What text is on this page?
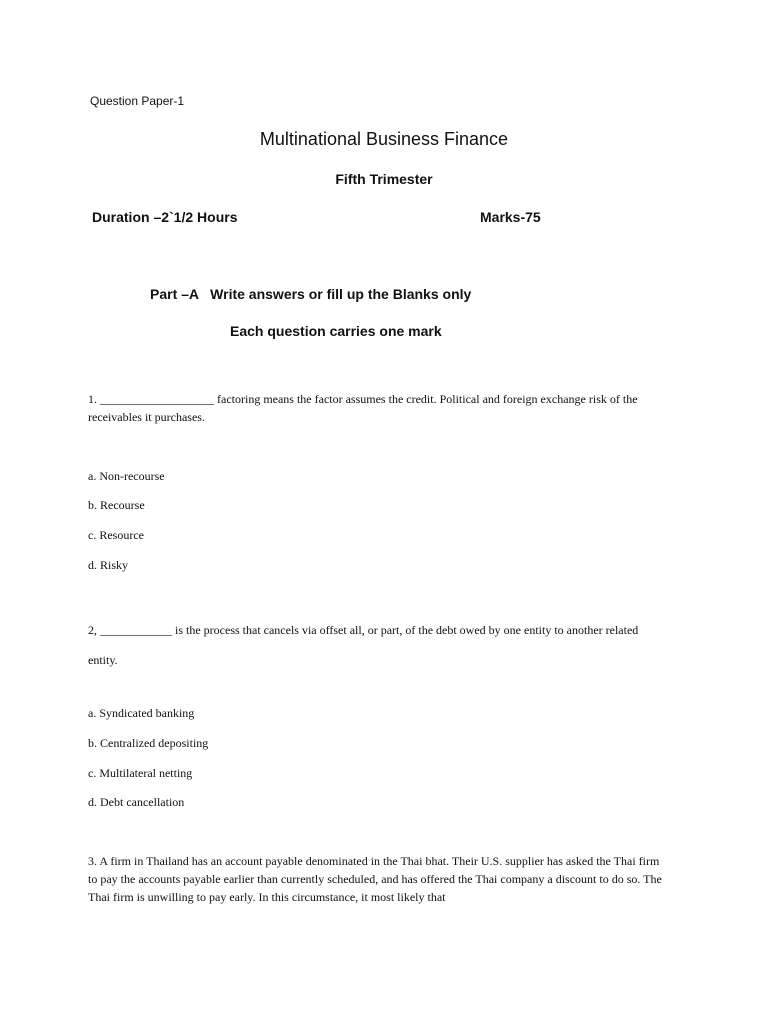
Question Paper-1
Multinational Business Finance
Fifth Trimester
Duration –2`1/2 Hours	Marks-75
Part –A   Write answers or fill up the Blanks only
Each question carries one mark
1. ___________________ factoring means the factor assumes the credit. Political and foreign exchange risk of the receivables it purchases.
a. Non-recourse
b. Recourse
c. Resource
d. Risky
2, ____________ is the process that cancels via offset all, or part, of the debt owed by one entity to another related entity.
a. Syndicated banking
b. Centralized depositing
c. Multilateral netting
d. Debt cancellation
3. A firm in Thailand has an account payable denominated in the Thai bhat. Their U.S. supplier has asked the Thai firm to pay the accounts payable earlier than currently scheduled, and has offered the Thai company a discount to do so. The Thai firm is unwilling to pay early. In this circumstance, it most likely that
